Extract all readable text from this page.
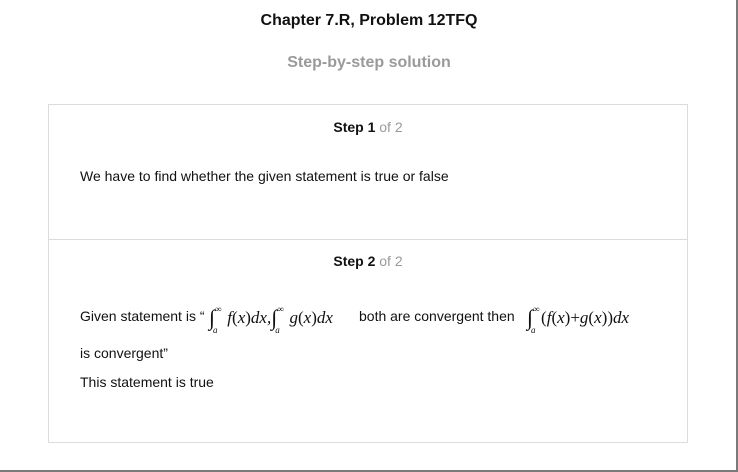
Chapter 7.R, Problem 12TFQ
Step-by-step solution
Step 1 of 2
We have to find whether the given statement is true or false
Step 2 of 2
Given statement is “ ∫ ∞
a
f(x)dx,∫ ∞
a
g(x)dx both are convergent then ∫ ∞
a
(f(x)+g(x))dx
is convergent”
This statement is true
